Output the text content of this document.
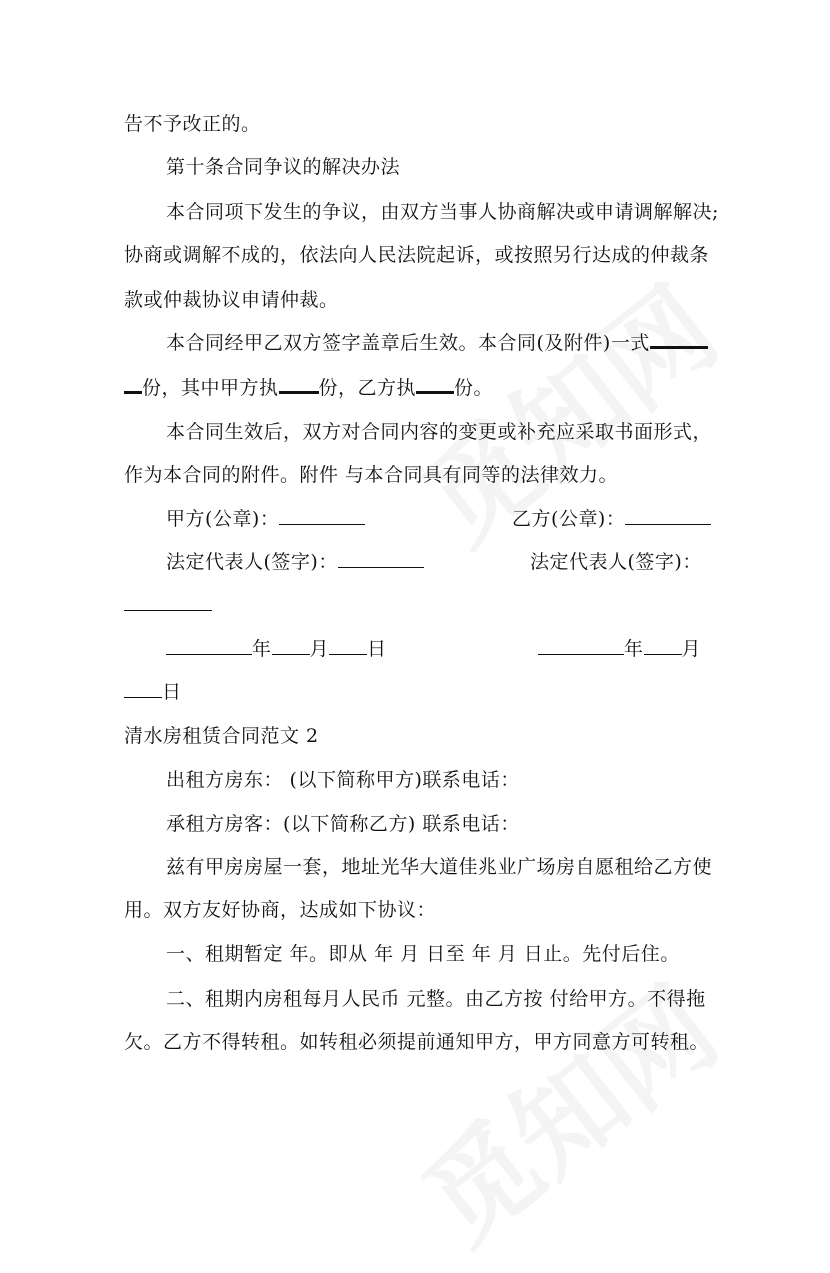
告不予改正的。
第十条合同争议的解决办法
本合同项下发生的争议，由双方当事人协商解决或申请调解解决;
协商或调解不成的，依法向人民法院起诉，或按照另行达成的仲裁条
款或仲裁协议申请仲裁。
本合同经甲乙双方签字盖章后生效。本合同(及附件)一式
份，其中甲方执 份，乙方执 份。
本合同生效后，双方对合同内容的变更或补充应采取书面形式，
作为本合同的附件。附件 与本合同具有同等的法律效力。
甲方(公章)：	乙方(公章)：
法定代表人(签字)：	法定代表人(签字)：
年 月 日	年 月
日
清水房租赁合同范文 2
出租方房东： (以下简称甲方)联系电话：
承租方房客：(以下简称乙方) 联系电话：
兹有甲房房屋一套，地址光华大道佳兆业广场房自愿租给乙方使
用。双方友好协商，达成如下协议：
一、租期暂定 年。即从 年 月 日至 年 月 日止。先付后住。
二、租期内房租每月人民币 元整。由乙方按 付给甲方。不得拖
欠。乙方不得转租。如转租必须提前通知甲方，甲方同意方可转租。
